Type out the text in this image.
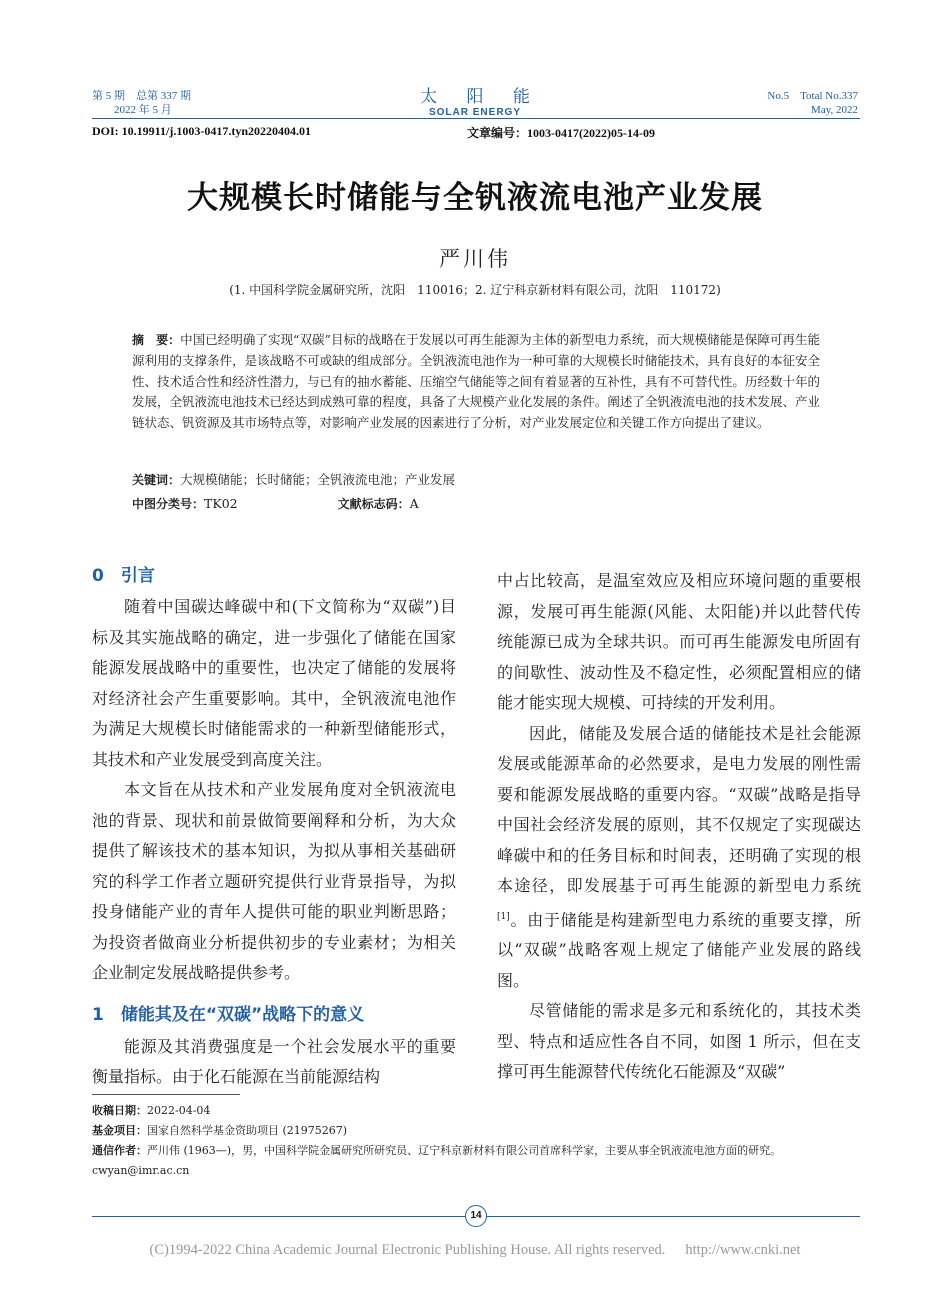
第 5 期　总第 337 期
2022 年 5 月
太 阳 能
SOLAR ENERGY
No.5　Total No.337
May, 2022
DOI: 10.19911/j.1003-0417.tyn20220404.01	文章编号：1003-0417(2022)05-14-09
大规模长时储能与全钒液流电池产业发展
严川伟
(1. 中国科学院金属研究所，沈阳　110016；2. 辽宁科京新材料有限公司，沈阳　110172)
摘　要：中国已经明确了实现“双碳”目标的战略在于发展以可再生能源为主体的新型电力系统，而大规模储能是保障可再生能源利用的支撑条件，是该战略不可或缺的组成部分。全钒液流电池作为一种可靠的大规模长时储能技术，具有良好的本征安全性、技术适合性和经济性潜力，与已有的抽水蓄能、压缩空气储能等之间有着显著的互补性，具有不可替代性。历经数十年的发展，全钒液流电池技术已经达到成熟可靠的程度，具备了大规模产业化发展的条件。阐述了全钒液流电池的技术发展、产业链状态、钒资源及其市场特点等，对影响产业发展的因素进行了分析，对产业发展定位和关键工作方向提出了建议。
关键词：大规模储能；长时储能；全钒液流电池；产业发展
中图分类号：TK02	文献标志码：A
0　引言

随着中国碳达峰碳中和(下文简称为“双碳”)目标及其实施战略的确定，进一步强化了储能在国家能源发展战略中的重要性，也决定了储能的发展将对经济社会产生重要影响。其中，全钒液流电池作为满足大规模长时储能需求的一种新型储能形式，其技术和产业发展受到高度关注。

本文旨在从技术和产业发展角度对全钒液流电池的背景、现状和前景做简要阐释和分析，为大众提供了解该技术的基本知识，为拟从事相关基础研究的科学工作者立题研究提供行业背景指导，为拟投身储能产业的青年人提供可能的职业判断思路；为投资者做商业分析提供初步的专业素材；为相关企业制定发展战略提供参考。

1　储能其及在“双碳”战略下的意义

能源及其消费强度是一个社会发展水平的重要衡量指标。由于化石能源在当前能源结构

中占比较高，是温室效应及相应环境问题的重要根源，发展可再生能源(风能、太阳能)并以此替代传统能源已成为全球共识。而可再生能源发电所固有的间歇性、波动性及不稳定性，必须配置相应的储能才能实现大规模、可持续的开发利用。

因此，储能及发展合适的储能技术是社会能源发展或能源革命的必然要求，是电力发展的刚性需要和能源发展战略的重要内容。“双碳”战略是指导中国社会经济发展的原则，其不仅规定了实现碳达峰碳中和的任务目标和时间表，还明确了实现的根本途径，即发展基于可再生能源的新型电力系统[1]。由于储能是构建新型电力系统的重要支撑，所以“双碳”战略客观上规定了储能产业发展的路线图。

尽管储能的需求是多元和系统化的，其技术类型、特点和适应性各自不同，如图 1 所示，但在支撑可再生能源替代传统化石能源及“双碳”

收稿日期：2022-04-04
基金项目：国家自然科学基金资助项目 (21975267)
通信作者：严川伟 (1963—)，男，中国科学院金属研究所研究员、辽宁科京新材料有限公司首席科学家，主要从事全钒液流电池方面的研究。
cwyan@imr.ac.cn
14
(C)1994-2022 China Academic Journal Electronic Publishing House. All rights reserved. http://www.cnki.net
